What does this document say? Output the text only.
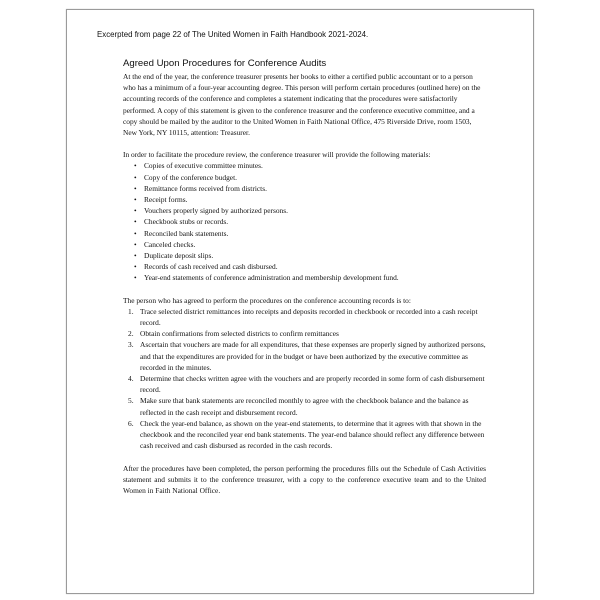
Excerpted from page 22 of The United Women in Faith Handbook 2021-2024.
Agreed Upon Procedures for Conference Audits

At the end of the year, the conference treasurer presents her books to either a certified public accountant or to a person who has a minimum of a four-year accounting degree. This person will perform certain procedures (outlined here) on the accounting records of the conference and completes a statement indicating that the procedures were satisfactorily performed. A copy of this statement is given to the conference treasurer and the conference executive committee, and a copy should be mailed by the auditor to the United Women in Faith National Office, 475 Riverside Drive, room 1503, New York, NY 10115, attention: Treasurer.

In order to facilitate the procedure review, the conference treasurer will provide the following materials:

• Copies of executive committee minutes.
• Copy of the conference budget.
• Remittance forms received from districts.
• Receipt forms.
• Vouchers properly signed by authorized persons.
• Checkbook stubs or records.
• Reconciled bank statements.
• Canceled checks.
• Duplicate deposit slips.
• Records of cash received and cash disbursed.
• Year-end statements of conference administration and membership development fund.

The person who has agreed to perform the procedures on the conference accounting records is to:

1. Trace selected district remittances into receipts and deposits recorded in checkbook or recorded into a cash receipt record.
2. Obtain confirmations from selected districts to confirm remittances
3. Ascertain that vouchers are made for all expenditures, that these expenses are properly signed by authorized persons, and that the expenditures are provided for in the budget or have been authorized by the executive committee as recorded in the minutes.
4. Determine that checks written agree with the vouchers and are properly recorded in some form of cash disbursement record.
5. Make sure that bank statements are reconciled monthly to agree with the checkbook balance and the balance as reflected in the cash receipt and disbursement record.
6. Check the year-end balance, as shown on the year-end statements, to determine that it agrees with that shown in the checkbook and the reconciled year end bank statements. The year-end balance should reflect any difference between cash received and cash disbursed as recorded in the cash records.

After the procedures have been completed, the person performing the procedures fills out the Schedule of Cash Activities statement and submits it to the conference treasurer, with a copy to the conference executive team and to the United Women in Faith National Office.
